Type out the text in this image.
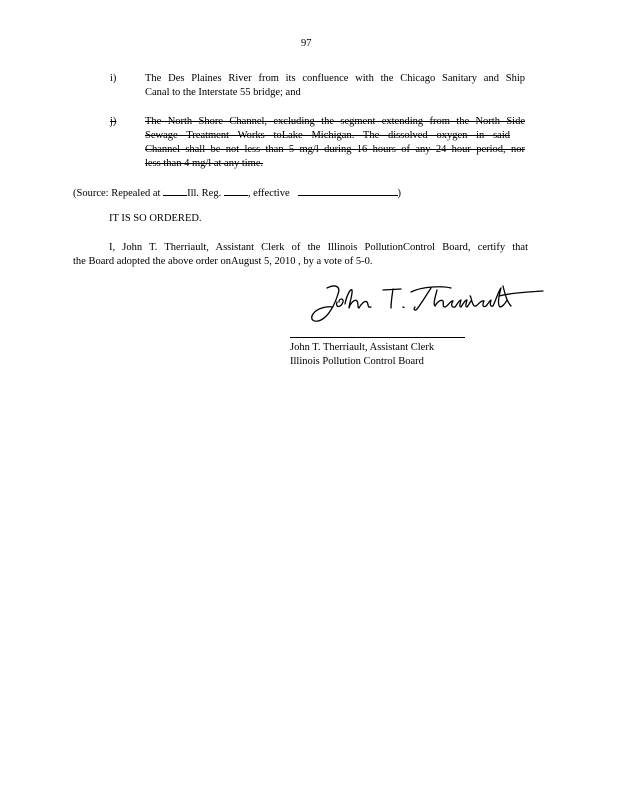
97
i)	The Des Plaines River from its confluence with the Chicago Sanitary and Ship
Canal to the Interstate 55 bridge; and
j)	The North Shore Channel, excluding the segment extending from the North Side
Sewage Treatment Works toLake Michigan. The dissolved oxygen in said
Channel shall be not less than 5 mg/l during 16 hours of any 24 hour period, nor
less than 4 mg/l at any time.
(Source: Repealed at	Ill. Reg.	, effective	)
IT IS SO ORDERED.
I, John T. Therriault, Assistant Clerk of the Illinois PollutionControl Board, certify that
the Board adopted the above order onAugust 5, 2010 , by a vote of 5-0.
John T. Therriault, Assistant Clerk
Illinois Pollution Control Board
